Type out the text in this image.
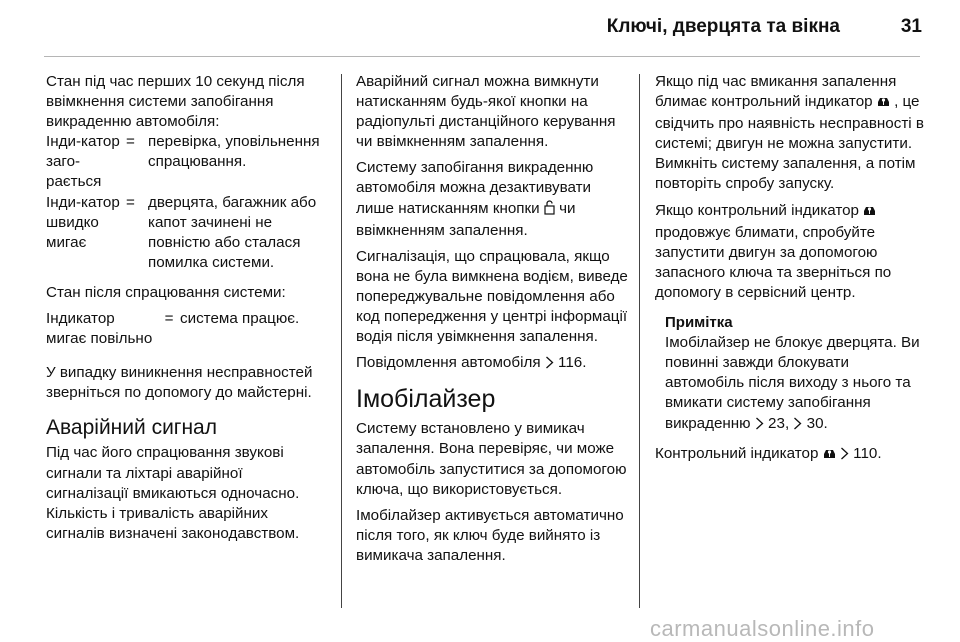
Ключі, дверцята та вікна	31

Стан під час перших 10 секунд після ввімкнення системи запобігання викраденню автомобіля:

Інди-катор заго-рається	=	перевірка, уповільнення спрацювання.
Інди-катор швидко мигає	=	дверцята, багажник або капот зачинені не повністю або сталася помилка системи.

Стан після спрацювання системи:

Індикатор мигає повільно	=	система працює.

У випадку виникнення несправностей зверніться по допомогу до майстерні.

Аварійний сигнал

Під час його спрацювання звукові сигнали та ліхтарі аварійної сигналізації вмикаються одночасно. Кількість і тривалість аварійних сигналів визначені законодавством.

Аварійний сигнал можна вимкнути натисканням будь-якої кнопки на радіопульті дистанційного керування чи ввімкненням запалення.

Систему запобігання викраденню автомобіля можна дезактивувати лише натисканням кнопки чи ввімкненням запалення.

Сигналізація, що спрацювала, якщо вона не була вимкнена водієм, виведе попереджувальне повідомлення або код попередження у центрі інформації водія після увімкнення запалення.

Повідомлення автомобіля 116.

Імобілайзер

Систему встановлено у вимикач запалення. Вона перевіряє, чи може автомобіль запуститися за допомогою ключа, що використовується.

Імобілайзер активується автоматично після того, як ключ буде вийнято із вимикача запалення.

Якщо під час вмикання запалення блимає контрольний індикатор , це свідчить про наявність несправності в системі; двигун не можна запустити. Вимкніть систему запалення, а потім повторіть спробу запуску.

Якщо контрольний індикатор  продовжує блимати, спробуйте запустити двигун за допомогою запасного ключа та зверніться по допомогу в сервісний центр.

Примітка
Імобілайзер не блокує дверцята. Ви повинні завжди блокувати автомобіль після виходу з нього та вмикати систему запобігання викраденню 23, 30.

Контрольний індикатор 110.

carmanualsonline.info
